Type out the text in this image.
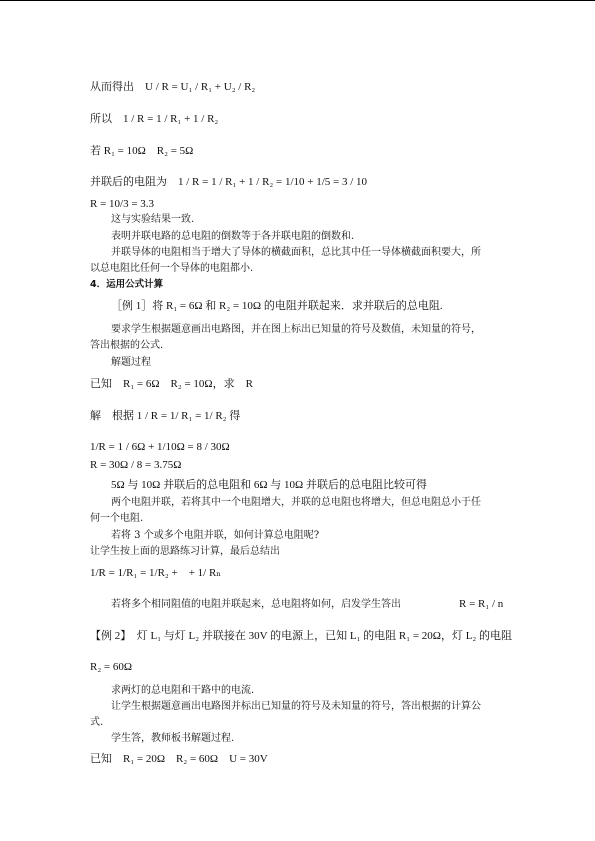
从而得出　U / R = U₁ / R₁ + U₂ / R₂
所以　1 / R = 1 / R₁ + 1 / R₂
若 R₁ = 10Ω　R₂ = 5Ω
并联后的电阻为　1 / R = 1 / R₁ + 1 / R₂ = 1/10 + 1/5 = 3 / 10
R = 10/3 = 3.3
这与实验结果一致.
表明并联电路的总电阻的倒数等于各并联电阻的倒数和.
并联导体的电阻相当于增大了导体的横截面积，总比其中任一导体横截面积要大，所
以总电阻比任何一个导体的电阻都小.
4．运用公式计算
［例 1］将 R₁ = 6Ω 和 R₂ = 10Ω 的电阻并联起来．求并联后的总电阻.
要求学生根据题意画出电路图，并在图上标出已知量的符号及数值，未知量的符号，
答出根据的公式.
解题过程
已知　R₁ = 6Ω　R₂ = 10Ω，求　R
解　根据 1 / R = 1/ R₁ = 1/ R₂ 得
1/R = 1 / 6Ω + 1/10Ω = 8 / 30Ω
R = 30Ω / 8 = 3.75Ω
5Ω 与 10Ω 并联后的总电阻和 6Ω 与 10Ω 并联后的总电阻比较可得
两个电阻并联，若将其中一个电阻增大，并联的总电阻也将增大，但总电阻总小于任
何一个电阻.
若将 3 个或多个电阻并联，如何计算总电阻呢?
让学生按上面的思路练习计算，最后总结出
1/R = 1/R₁ = 1/R₂ +　+ 1/ Rₙ
若将多个相同阻值的电阻并联起来，总电阻将如何，启发学生答出	R = R₁ / n
【例 2】　灯 L₁ 与灯 L₂ 并联接在 30V 的电源上，已知 L₁ 的电阻 R₁ = 20Ω，灯 L₂ 的电阻
R₂ = 60Ω
求两灯的总电阻和干路中的电流.
让学生根据题意画出电路图并标出已知量的符号及未知量的符号，答出根据的计算公
式.
学生答，教师板书解题过程.
已知　R₁ = 20Ω　R₂ = 60Ω　U = 30V
